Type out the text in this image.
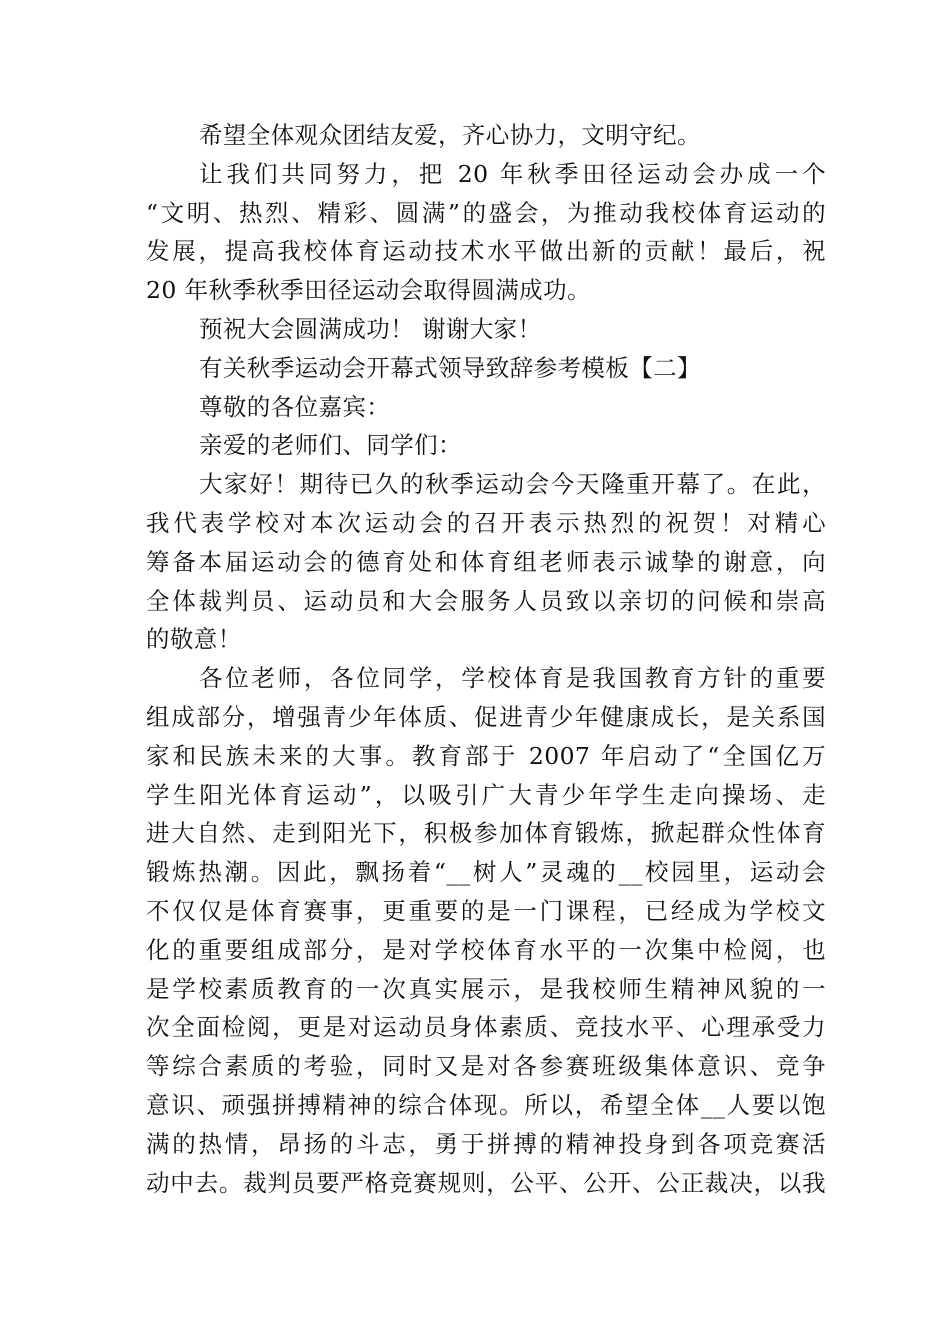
希望全体观众团结友爱，齐心协力，文明守纪。
让我们共同努力，把 20 年秋季田径运动会办成一个
“文明、热烈、精彩、圆满”的盛会，为推动我校体育运动的
发展，提高我校体育运动技术水平做出新的贡献！最后，祝
20 年秋季秋季田径运动会取得圆满成功。
预祝大会圆满成功！ 谢谢大家！
有关秋季运动会开幕式领导致辞参考模板【二】
尊敬的各位嘉宾：
亲爱的老师们、同学们：
大家好！期待已久的秋季运动会今天隆重开幕了。在此，
我代表学校对本次运动会的召开表示热烈的祝贺！对精心
筹备本届运动会的德育处和体育组老师表示诚挚的谢意，向
全体裁判员、运动员和大会服务人员致以亲切的问候和崇高
的敬意！
各位老师，各位同学，学校体育是我国教育方针的重要
组成部分，增强青少年体质、促进青少年健康成长，是关系国
家和民族未来的大事。教育部于 2007 年启动了“全国亿万
学生阳光体育运动”，以吸引广大青少年学生走向操场、走
进大自然、走到阳光下，积极参加体育锻炼，掀起群众性体育
锻炼热潮。因此，飘扬着“__树人”灵魂的__校园里，运动会
不仅仅是体育赛事，更重要的是一门课程，已经成为学校文
化的重要组成部分，是对学校体育水平的一次集中检阅，也
是学校素质教育的一次真实展示，是我校师生精神风貌的一
次全面检阅，更是对运动员身体素质、竞技水平、心理承受力
等综合素质的考验，同时又是对各参赛班级集体意识、竞争
意识、顽强拼搏精神的综合体现。所以，希望全体__人要以饱
满的热情，昂扬的斗志，勇于拼搏的精神投身到各项竞赛活
动中去。裁判员要严格竞赛规则，公平、公开、公正裁决，以我
